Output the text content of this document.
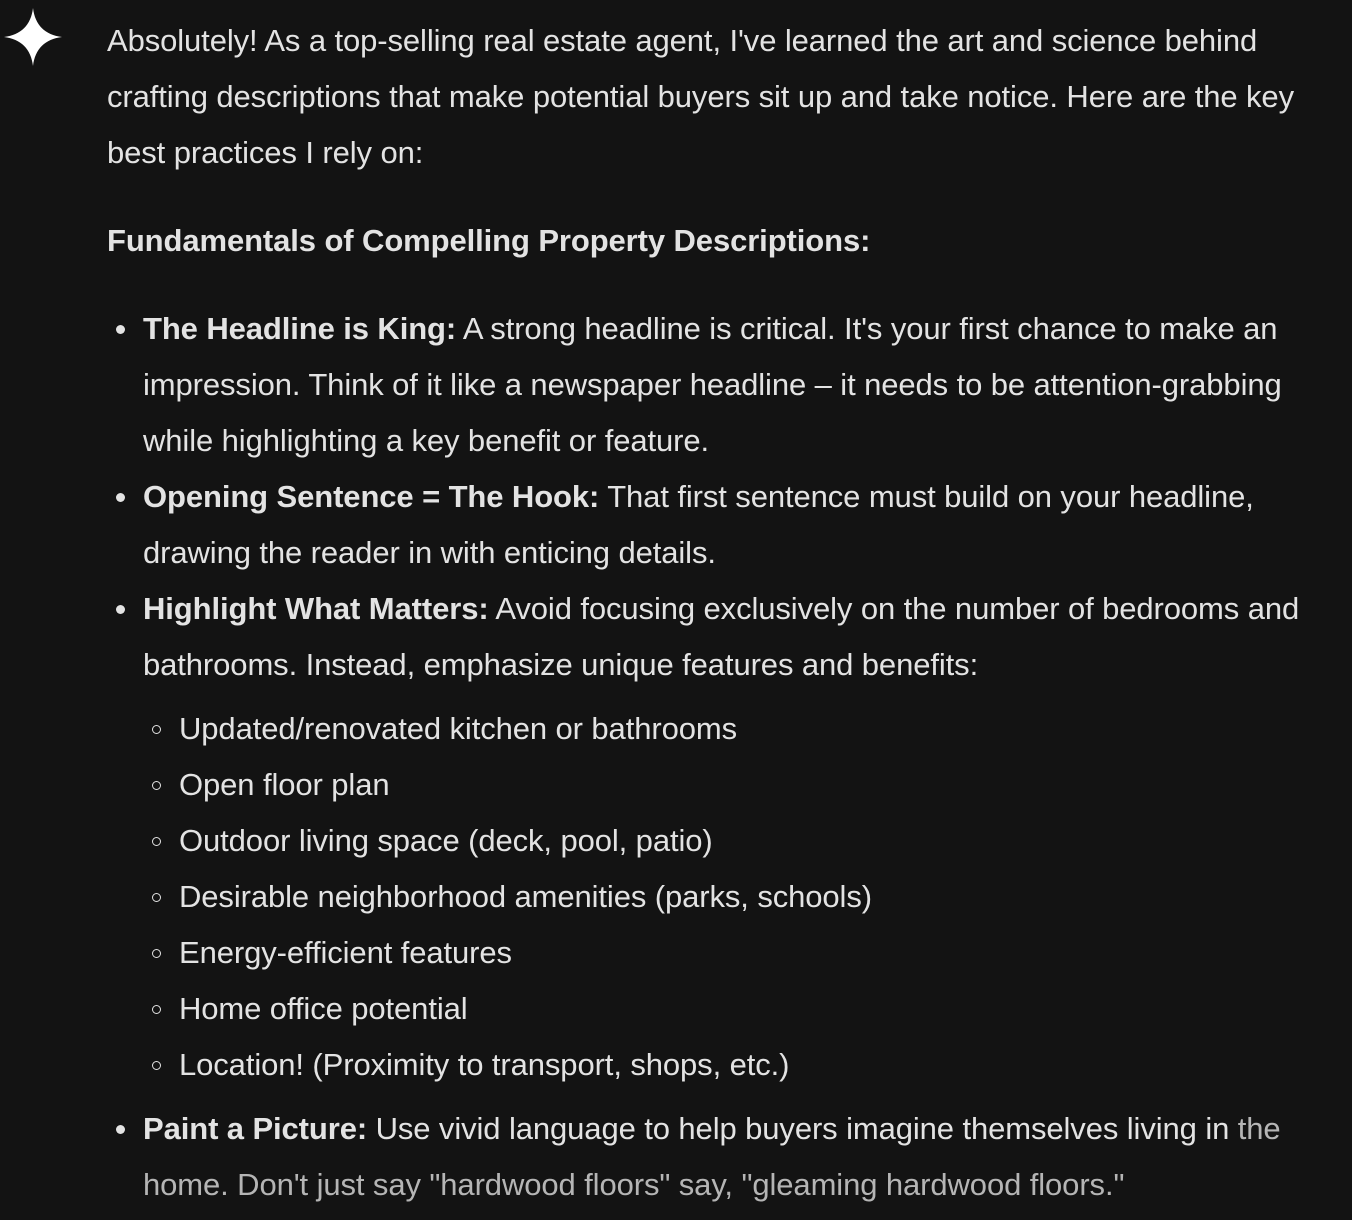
Absolutely! As a top-selling real estate agent, I've learned the art and science behind crafting descriptions that make potential buyers sit up and take notice. Here are the key best practices I rely on:

Fundamentals of Compelling Property Descriptions:

The Headline is King: A strong headline is critical. It's your first chance to make an impression. Think of it like a newspaper headline – it needs to be attention-grabbing while highlighting a key benefit or feature.
Opening Sentence = The Hook: That first sentence must build on your headline, drawing the reader in with enticing details.
Highlight What Matters: Avoid focusing exclusively on the number of bedrooms and bathrooms. Instead, emphasize unique features and benefits:
Updated/renovated kitchen or bathrooms
Open floor plan
Outdoor living space (deck, pool, patio)
Desirable neighborhood amenities (parks, schools)
Energy-efficient features
Home office potential
Location! (Proximity to transport, shops, etc.)
Paint a Picture: Use vivid language to help buyers imagine themselves living in the home. Don't just say "hardwood floors" say, "gleaming hardwood floors."
